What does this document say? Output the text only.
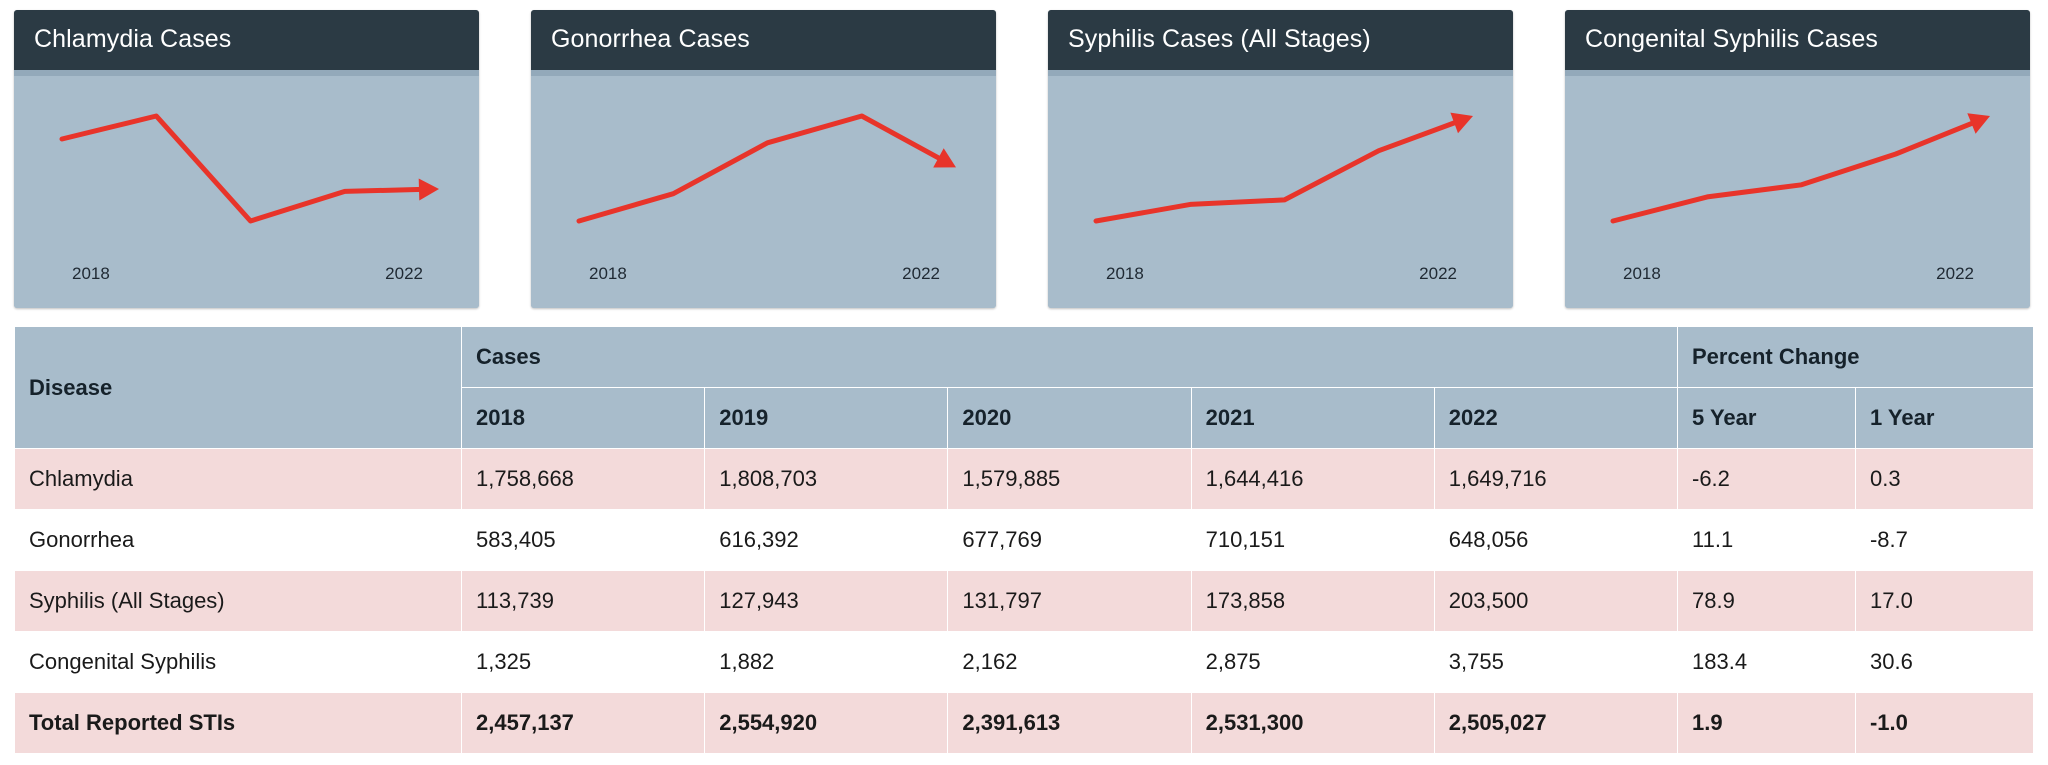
Chlamydia Cases
2018	2022
Gonorrhea Cases
2018	2022
Syphilis Cases (All Stages)
2018	2022
Congenital Syphilis Cases
2018	2022
Disease	Cases					Percent Change	
	2018	2019	2020	2021	2022	5 Year	1 Year
Chlamydia	1,758,668	1,808,703	1,579,885	1,644,416	1,649,716	-6.2	0.3
Gonorrhea	583,405	616,392	677,769	710,151	648,056	11.1	-8.7
Syphilis (All Stages)	113,739	127,943	131,797	173,858	203,500	78.9	17.0
Congenital Syphilis	1,325	1,882	2,162	2,875	3,755	183.4	30.6
Total Reported STIs	2,457,137	2,554,920	2,391,613	2,531,300	2,505,027	1.9	-1.0
